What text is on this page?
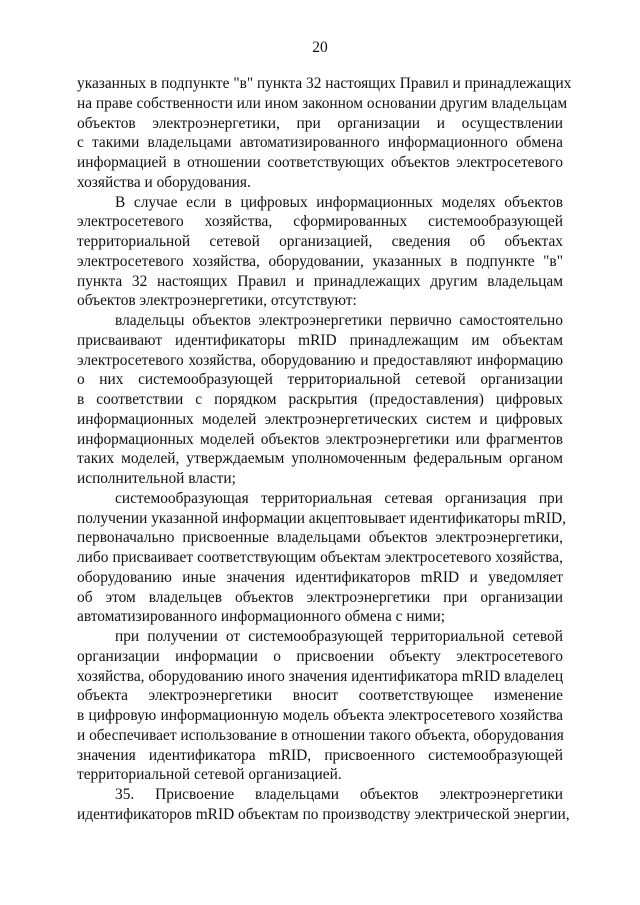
20
указанных в подпункте "в" пункта 32 настоящих Правил и принадлежащих
на праве собственности или ином законном основании другим владельцам
объектов электроэнергетики, при организации и осуществлении
с такими владельцами автоматизированного информационного обмена
информацией в отношении соответствующих объектов электросетевого
хозяйства и оборудования.
В случае если в цифровых информационных моделях объектов
электросетевого хозяйства, сформированных системообразующей
территориальной сетевой организацией, сведения об объектах
электросетевого хозяйства, оборудовании, указанных в подпункте "в"
пункта 32 настоящих Правил и принадлежащих другим владельцам
объектов электроэнергетики, отсутствуют:
владельцы объектов электроэнергетики первично самостоятельно
присваивают идентификаторы mRID принадлежащим им объектам
электросетевого хозяйства, оборудованию и предоставляют информацию
о них системообразующей территориальной сетевой организации
в соответствии с порядком раскрытия (предоставления) цифровых
информационных моделей электроэнергетических систем и цифровых
информационных моделей объектов электроэнергетики или фрагментов
таких моделей, утверждаемым уполномоченным федеральным органом
исполнительной власти;
системообразующая территориальная сетевая организация при
получении указанной информации акцептовывает идентификаторы mRID,
первоначально присвоенные владельцами объектов электроэнергетики,
либо присваивает соответствующим объектам электросетевого хозяйства,
оборудованию иные значения идентификаторов mRID и уведомляет
об этом владельцев объектов электроэнергетики при организации
автоматизированного информационного обмена с ними;
при получении от системообразующей территориальной сетевой
организации информации о присвоении объекту электросетевого
хозяйства, оборудованию иного значения идентификатора mRID владелец
объекта электроэнергетики вносит соответствующее изменение
в цифровую информационную модель объекта электросетевого хозяйства
и обеспечивает использование в отношении такого объекта, оборудования
значения идентификатора mRID, присвоенного системообразующей
территориальной сетевой организацией.
35. Присвоение владельцами объектов электроэнергетики
идентификаторов mRID объектам по производству электрической энергии,
